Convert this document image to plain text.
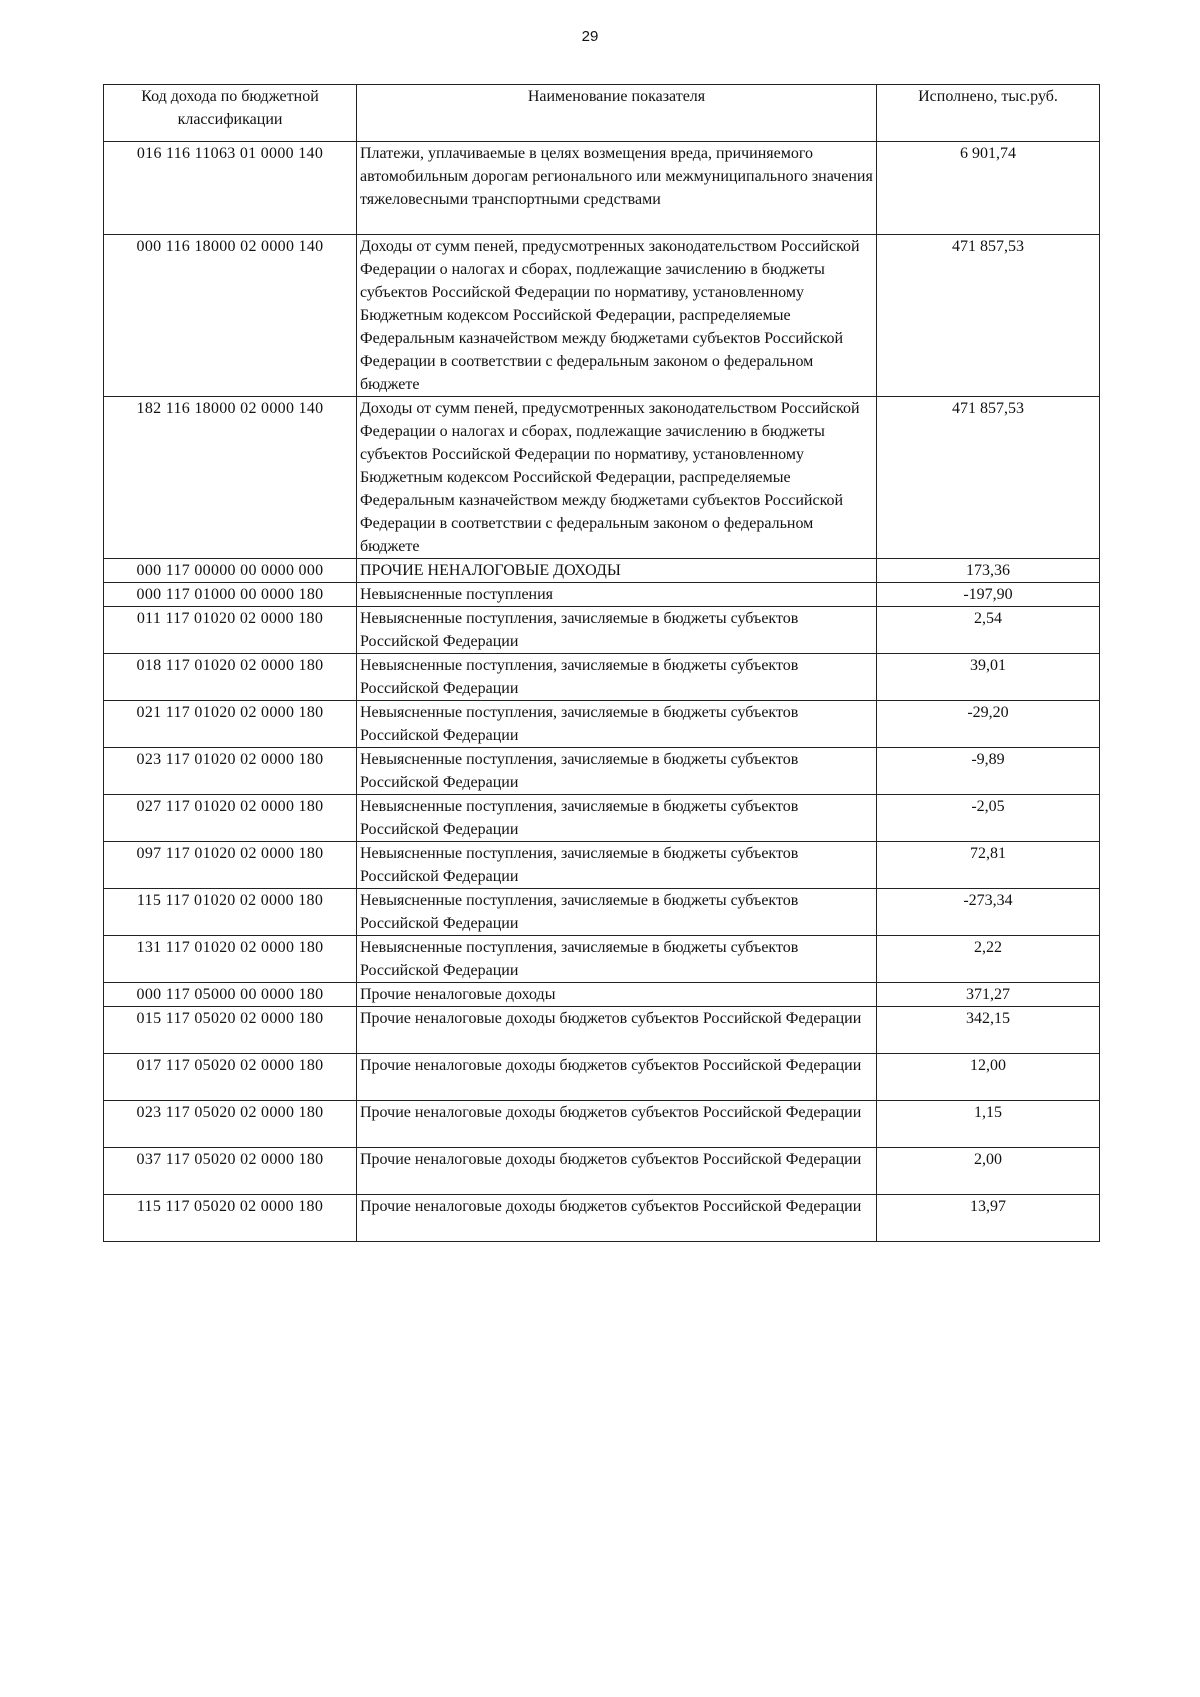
29
Код дохода по бюджетной классификации	Наименование показателя	Исполнено, тыс.руб.
016 116 11063 01 0000 140	Платежи, уплачиваемые в целях возмещения вреда, причиняемого автомобильным дорогам регионального или межмуниципального значения тяжеловесными транспортными средствами	6 901,74
000 116 18000 02 0000 140	Доходы от сумм пеней, предусмотренных законодательством Российской Федерации о налогах и сборах, подлежащие зачислению в бюджеты субъектов Российской Федерации по нормативу, установленному Бюджетным кодексом Российской Федерации, распределяемые Федеральным казначейством между бюджетами субъектов Российской Федерации в соответствии с федеральным законом о федеральном бюджете	471 857,53
182 116 18000 02 0000 140	Доходы от сумм пеней, предусмотренных законодательством Российской Федерации о налогах и сборах, подлежащие зачислению в бюджеты субъектов Российской Федерации по нормативу, установленному Бюджетным кодексом Российской Федерации, распределяемые Федеральным казначейством между бюджетами субъектов Российской Федерации в соответствии с федеральным законом о федеральном бюджете	471 857,53
000 117 00000 00 0000 000	ПРОЧИЕ НЕНАЛОГОВЫЕ ДОХОДЫ	173,36
000 117 01000 00 0000 180	Невыясненные поступления	-197,90
011 117 01020 02 0000 180	Невыясненные поступления, зачисляемые в бюджеты субъектов Российской Федерации	2,54
018 117 01020 02 0000 180	Невыясненные поступления, зачисляемые в бюджеты субъектов Российской Федерации	39,01
021 117 01020 02 0000 180	Невыясненные поступления, зачисляемые в бюджеты субъектов Российской Федерации	-29,20
023 117 01020 02 0000 180	Невыясненные поступления, зачисляемые в бюджеты субъектов Российской Федерации	-9,89
027 117 01020 02 0000 180	Невыясненные поступления, зачисляемые в бюджеты субъектов Российской Федерации	-2,05
097 117 01020 02 0000 180	Невыясненные поступления, зачисляемые в бюджеты субъектов Российской Федерации	72,81
115 117 01020 02 0000 180	Невыясненные поступления, зачисляемые в бюджеты субъектов Российской Федерации	-273,34
131 117 01020 02 0000 180	Невыясненные поступления, зачисляемые в бюджеты субъектов Российской Федерации	2,22
000 117 05000 00 0000 180	Прочие неналоговые доходы	371,27
015 117 05020 02 0000 180	Прочие неналоговые доходы бюджетов субъектов Российской Федерации	342,15
017 117 05020 02 0000 180	Прочие неналоговые доходы бюджетов субъектов Российской Федерации	12,00
023 117 05020 02 0000 180	Прочие неналоговые доходы бюджетов субъектов Российской Федерации	1,15
037 117 05020 02 0000 180	Прочие неналоговые доходы бюджетов субъектов Российской Федерации	2,00
115 117 05020 02 0000 180	Прочие неналоговые доходы бюджетов субъектов Российской Федерации	13,97
